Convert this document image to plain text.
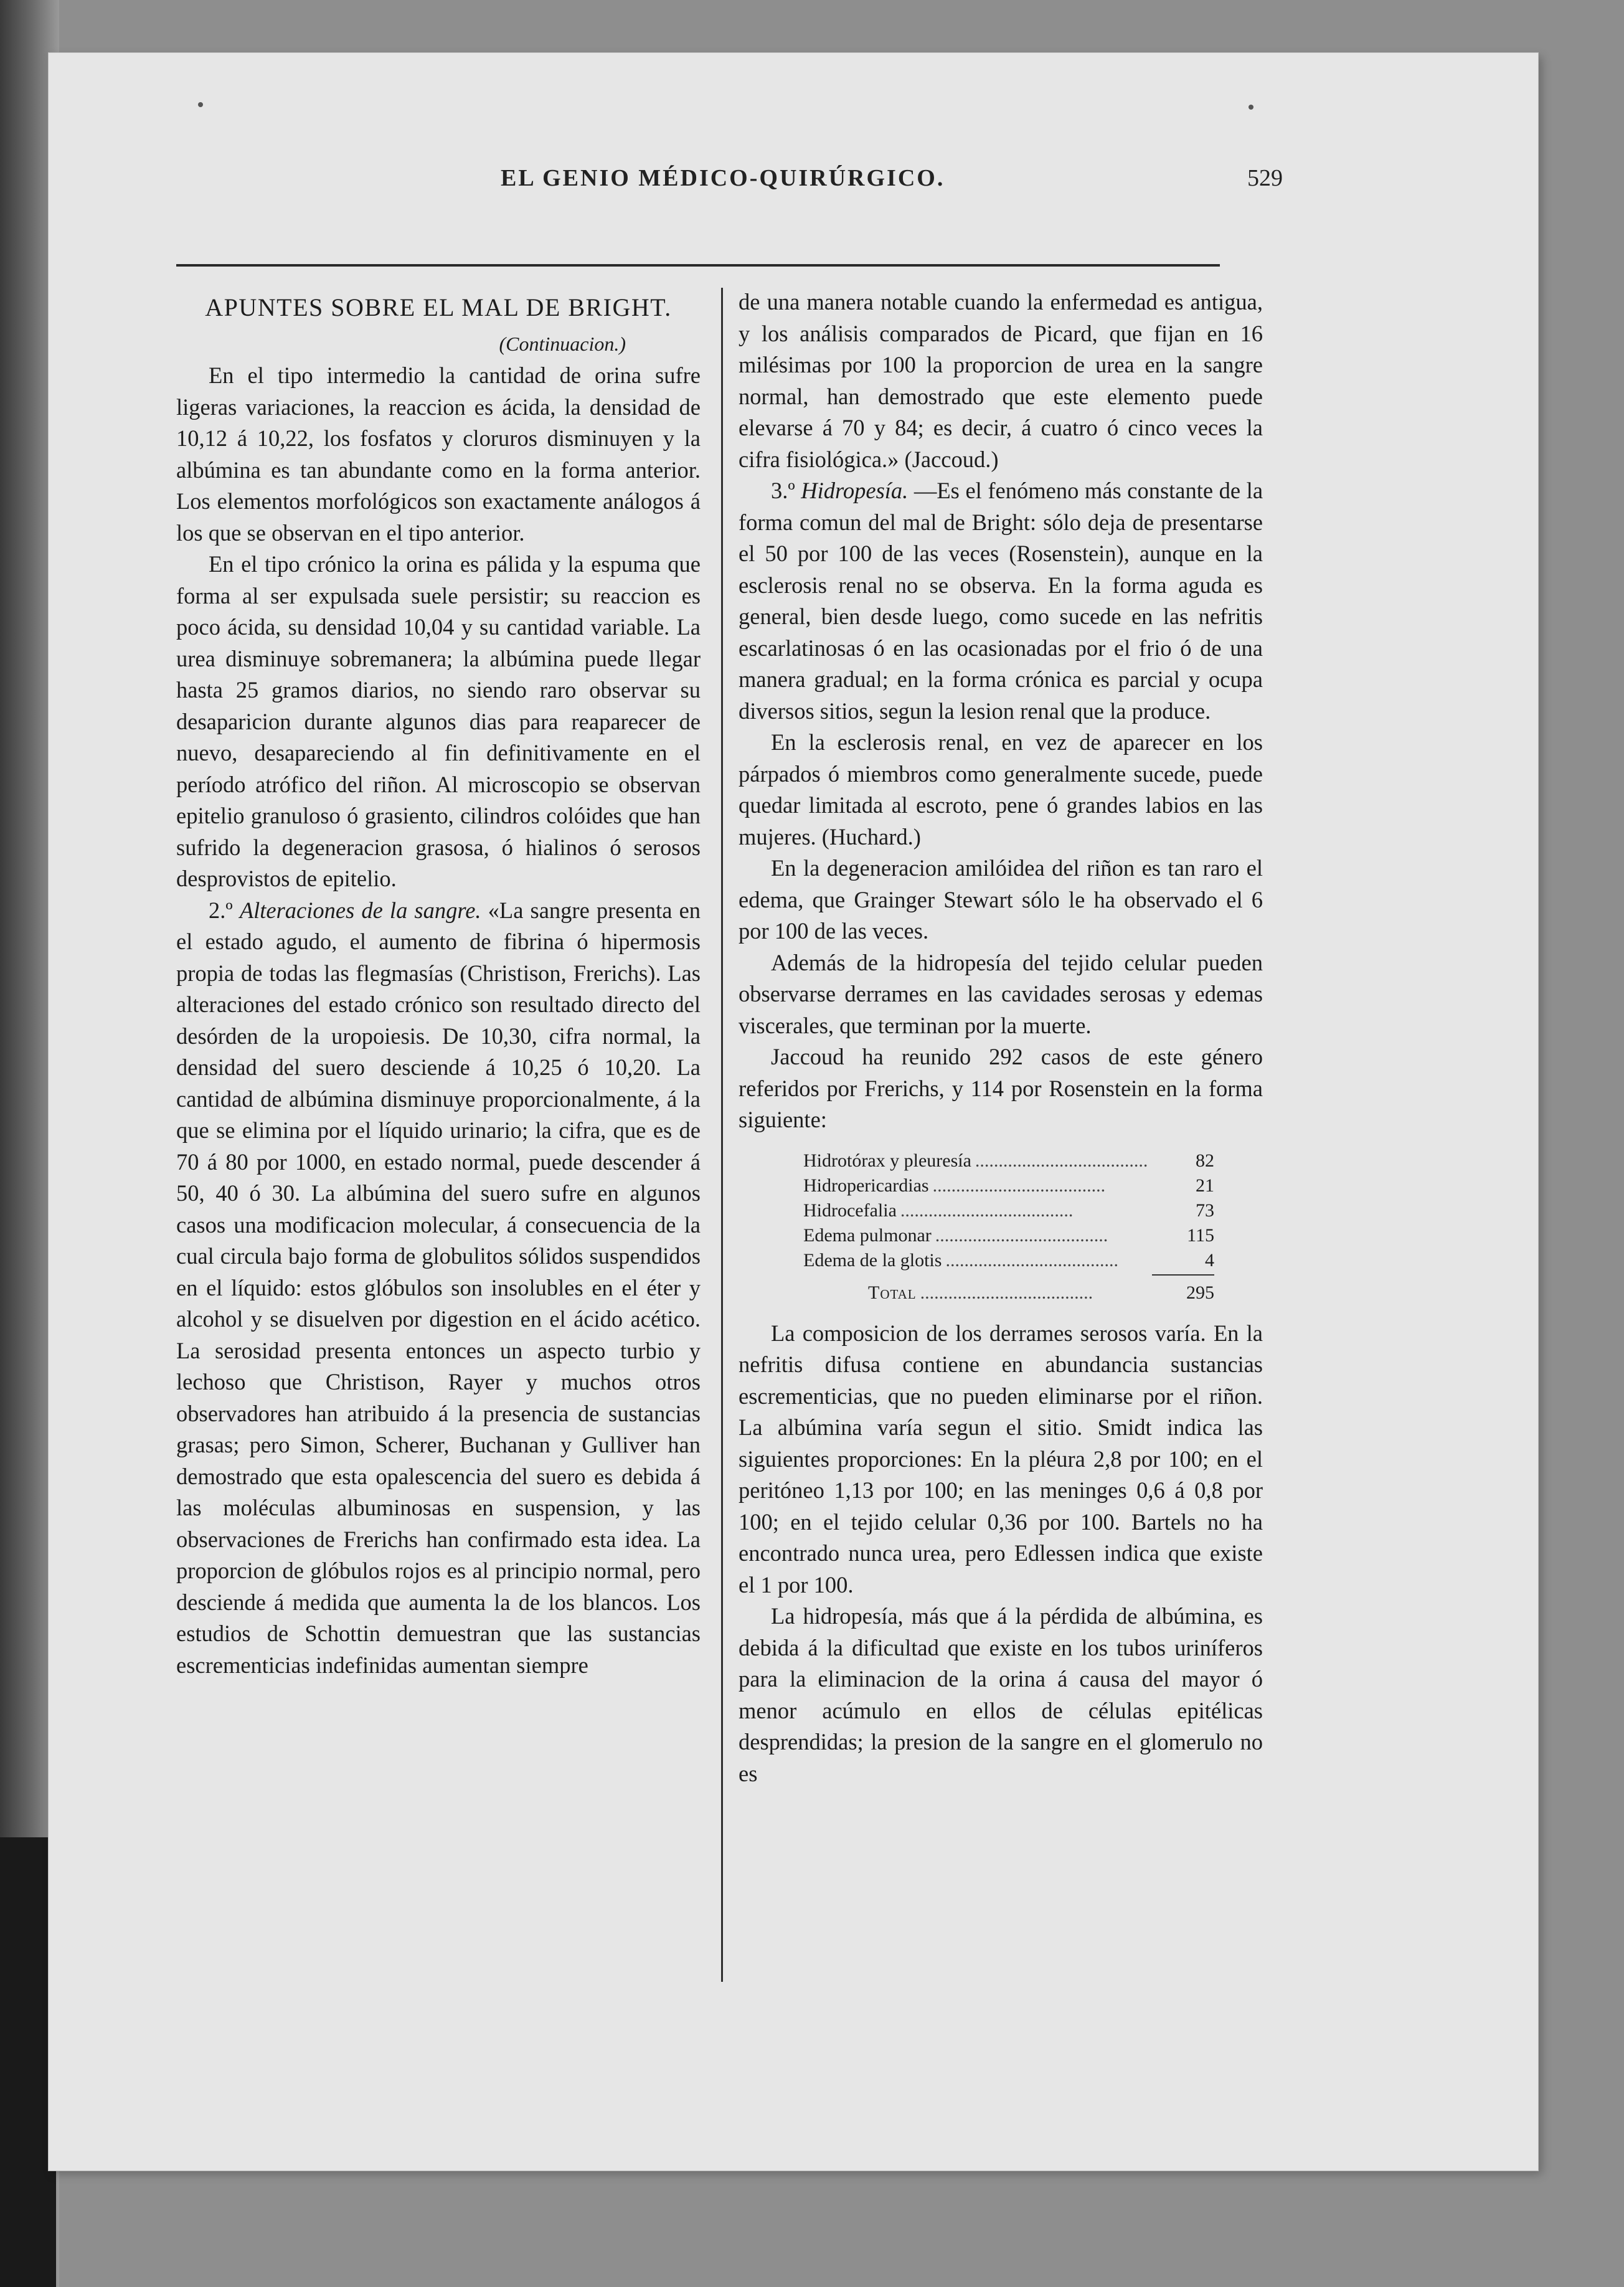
EL GENIO MÉDICO-QUIRÚRGICO.	529
APUNTES SOBRE EL MAL DE BRIGHT.
(Continuacion.)

En el tipo intermedio la cantidad de orina sufre ligeras variaciones, la reaccion es ácida, la densidad de 10,12 á 10,22, los fosfatos y cloruros disminuyen y la albúmina es tan abundante como en la forma anterior. Los elementos morfológicos son exactamente análogos á los que se observan en el tipo anterior.

En el tipo crónico la orina es pálida y la espuma que forma al ser expulsada suele persistir; su reaccion es poco ácida, su densidad 10,04 y su cantidad variable. La urea disminuye sobremanera; la albúmina puede llegar hasta 25 gramos diarios, no siendo raro observar su desaparicion durante algunos dias para reaparecer de nuevo, desapareciendo al fin definitivamente en el período atrófico del riñon. Al microscopio se observan epitelio granuloso ó grasiento, cilindros colóides que han sufrido la degeneracion grasosa, ó hialinos ó serosos desprovistos de epitelio.

2.º Alteraciones de la sangre. «La sangre presenta en el estado agudo, el aumento de fibrina ó hipermosis propia de todas las flegmasías (Christison, Frerichs). Las alteraciones del estado crónico son resultado directo del desórden de la uropoiesis. De 10,30, cifra normal, la densidad del suero desciende á 10,25 ó 10,20. La cantidad de albúmina disminuye proporcionalmente, á la que se elimina por el líquido urinario; la cifra, que es de 70 á 80 por 1000, en estado normal, puede descender á 50, 40 ó 30. La albúmina del suero sufre en algunos casos una modificacion molecular, á consecuencia de la cual circula bajo forma de globulitos sólidos suspendidos en el líquido: estos glóbulos son insolubles en el éter y alcohol y se disuelven por digestion en el ácido acético. La serosidad presenta entonces un aspecto turbio y lechoso que Christison, Rayer y muchos otros observadores han atribuido á la presencia de sustancias grasas; pero Simon, Scherer, Buchanan y Gulliver han demostrado que esta opalescencia del suero es debida á las moléculas albuminosas en suspension, y las observaciones de Frerichs han confirmado esta idea. La proporcion de glóbulos rojos es al principio normal, pero desciende á medida que aumenta la de los blancos. Los estudios de Schottin demuestran que las sustancias escrementicias indefinidas aumentan siempre

de una manera notable cuando la enfermedad es antigua, y los análisis comparados de Picard, que fijan en 16 milésimas por 100 la proporcion de urea en la sangre normal, han demostrado que este elemento puede elevarse á 70 y 84; es decir, á cuatro ó cinco veces la cifra fisiológica.» (Jaccoud.)

3.º Hidropesía. —Es el fenómeno más constante de la forma comun del mal de Bright: sólo deja de presentarse el 50 por 100 de las veces (Rosenstein), aunque en la esclerosis renal no se observa. En la forma aguda es general, bien desde luego, como sucede en las nefritis escarlatinosas ó en las ocasionadas por el frio ó de una manera gradual; en la forma crónica es parcial y ocupa diversos sitios, segun la lesion renal que la produce.

En la esclerosis renal, en vez de aparecer en los párpados ó miembros como generalmente sucede, puede quedar limitada al escroto, pene ó grandes labios en las mujeres. (Huchard.)

En la degeneracion amilóidea del riñon es tan raro el edema, que Grainger Stewart sólo le ha observado el 6 por 100 de las veces.

Además de la hidropesía del tejido celular pueden observarse derrames en las cavidades serosas y edemas viscerales, que terminan por la muerte.

Jaccoud ha reunido 292 casos de este género referidos por Frerichs, y 114 por Rosenstein en la forma siguiente:

Hidrotórax y pleuresía .....................................	82
Hidropericardias .....................................	21
Hidrocefalia .....................................	73
Edema pulmonar .....................................	115
Edema de la glotis .....................................	4
Total .....................................	295

La composicion de los derrames serosos varía. En la nefritis difusa contiene en abundancia sustancias escrementicias, que no pueden eliminarse por el riñon. La albúmina varía segun el sitio. Smidt indica las siguientes proporciones: En la pléura 2,8 por 100; en el peritóneo 1,13 por 100; en las meninges 0,6 á 0,8 por 100; en el tejido celular 0,36 por 100. Bartels no ha encontrado nunca urea, pero Edlessen indica que existe el 1 por 100.

La hidropesía, más que á la pérdida de albúmina, es debida á la dificultad que existe en los tubos uriníferos para la eliminacion de la orina á causa del mayor ó menor acúmulo en ellos de células epitélicas desprendidas; la presion de la sangre en el glomerulo no es
